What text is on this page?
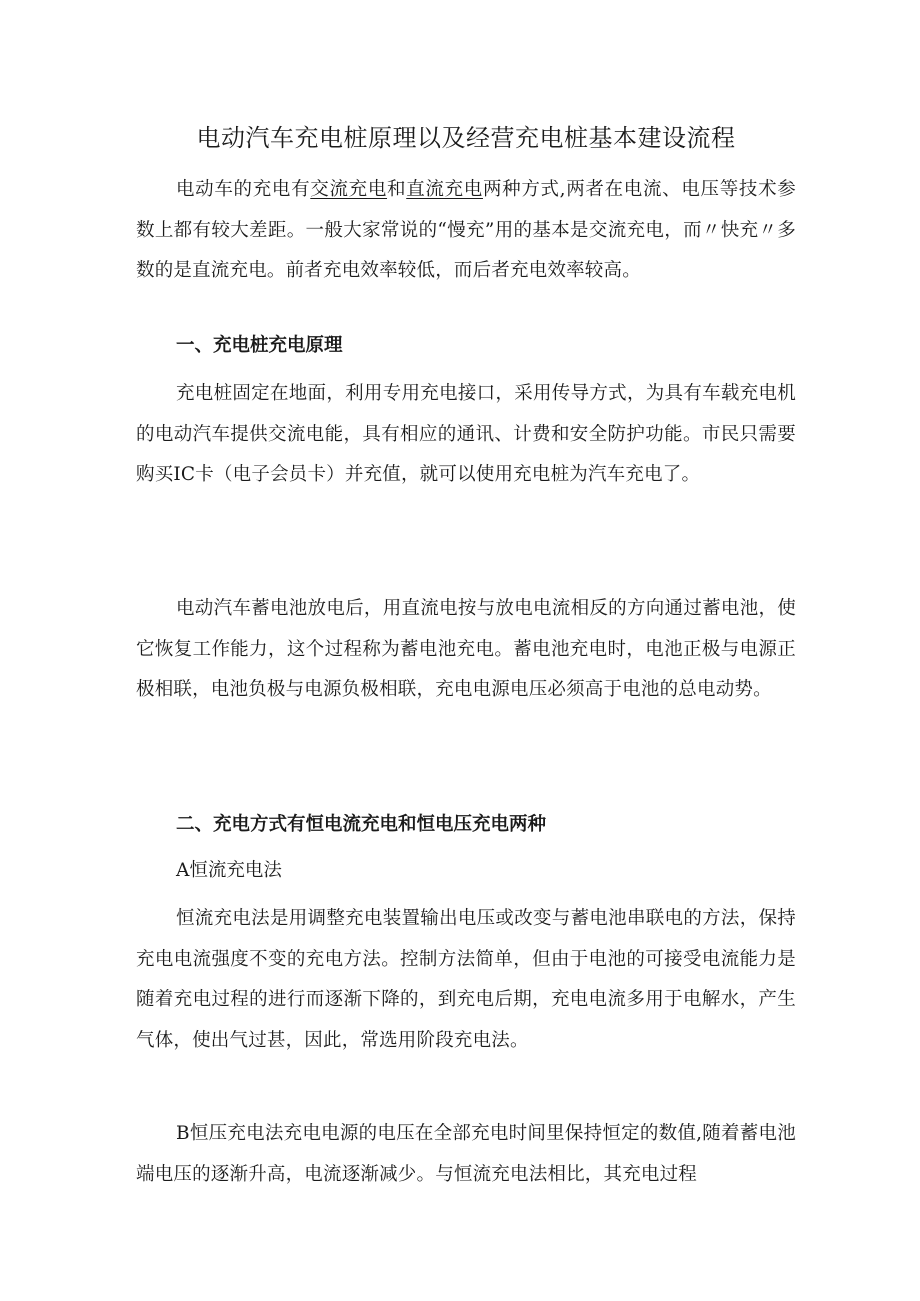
电动汽车充电桩原理以及经营充电桩基本建设流程

电动车的充电有交流充电和直流充电两种方式,两者在电流、电压等技术参数上都有较大差距。一般大家常说的“慢充”用的基本是交流充电，而〃快充〃多数的是直流充电。前者充电效率较低，而后者充电效率较高。

一、充电桩充电原理

充电桩固定在地面，利用专用充电接口，采用传导方式，为具有车载充电机的电动汽车提供交流电能，具有相应的通讯、计费和安全防护功能。市民只需要购买IC卡（电子会员卡）并充值，就可以使用充电桩为汽车充电了。

电动汽车蓄电池放电后，用直流电按与放电电流相反的方向通过蓄电池，使它恢复工作能力，这个过程称为蓄电池充电。蓄电池充电时，电池正极与电源正极相联，电池负极与电源负极相联，充电电源电压必须高于电池的总电动势。

二、充电方式有恒电流充电和恒电压充电两种

A恒流充电法

恒流充电法是用调整充电装置输出电压或改变与蓄电池串联电的方法，保持充电电流强度不变的充电方法。控制方法简单，但由于电池的可接受电流能力是随着充电过程的进行而逐渐下降的，到充电后期，充电电流多用于电解水，产生气体，使出气过甚，因此，常选用阶段充电法。

B恒压充电法充电电源的电压在全部充电时间里保持恒定的数值,随着蓄电池端电压的逐渐升高，电流逐渐减少。与恒流充电法相比，其充电过程
